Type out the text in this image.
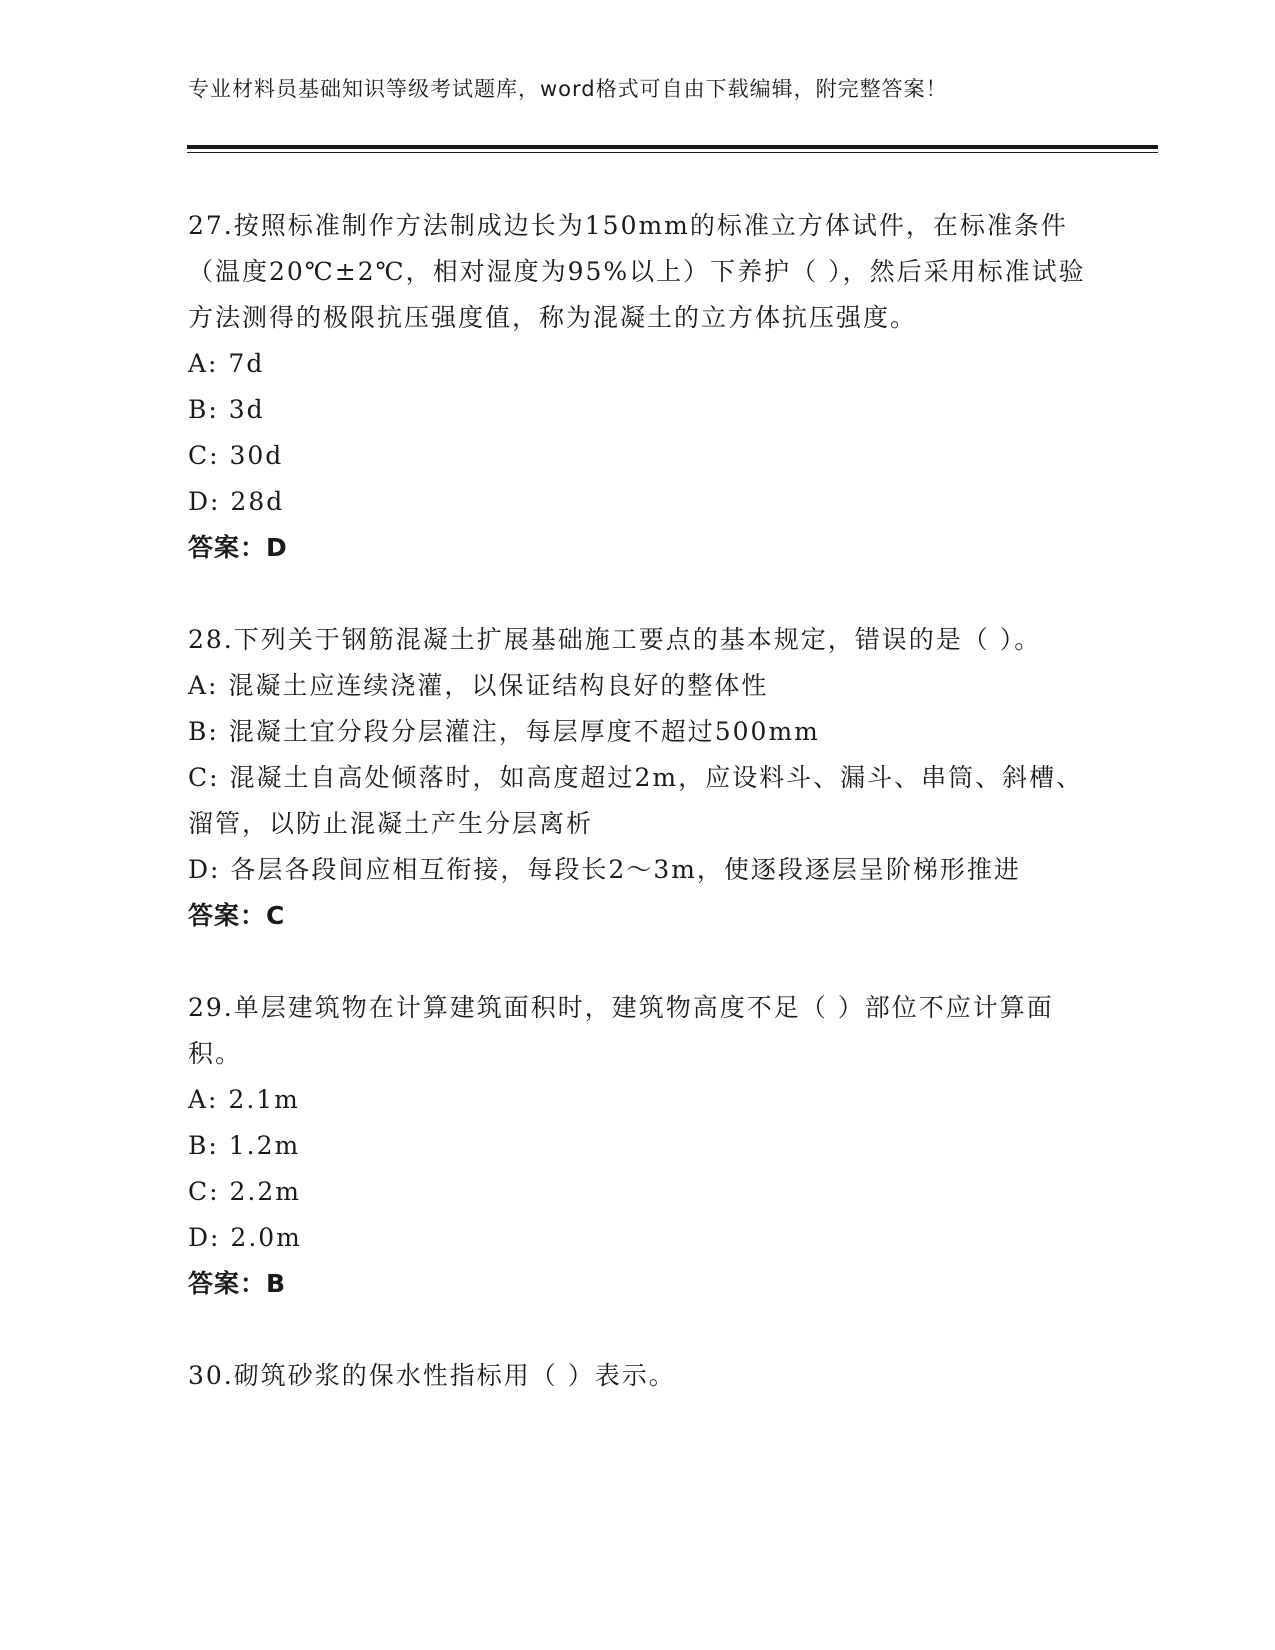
专业材料员基础知识等级考试题库，word格式可自由下载编辑，附完整答案！

27.按照标准制作方法制成边长为150mm的标准立方体试件，在标准条件（温度20℃±2℃，相对湿度为95%以上）下养护（ ），然后采用标准试验方法测得的极限抗压强度值，称为混凝土的立方体抗压强度。

A: 7d

B: 3d

C: 30d

D: 28d

答案：D

28.下列关于钢筋混凝土扩展基础施工要点的基本规定，错误的是（ ）。

A: 混凝土应连续浇灌，以保证结构良好的整体性

B: 混凝土宜分段分层灌注，每层厚度不超过500mm

C: 混凝土自高处倾落时，如高度超过2m，应设料斗、漏斗、串筒、斜槽、溜管，以防止混凝土产生分层离析

D: 各层各段间应相互衔接，每段长2～3m，使逐段逐层呈阶梯形推进

答案：C

29.单层建筑物在计算建筑面积时，建筑物高度不足（ ）部位不应计算面积。

A: 2.1m

B: 1.2m

C: 2.2m

D: 2.0m

答案：B

30.砌筑砂浆的保水性指标用（ ）表示。
